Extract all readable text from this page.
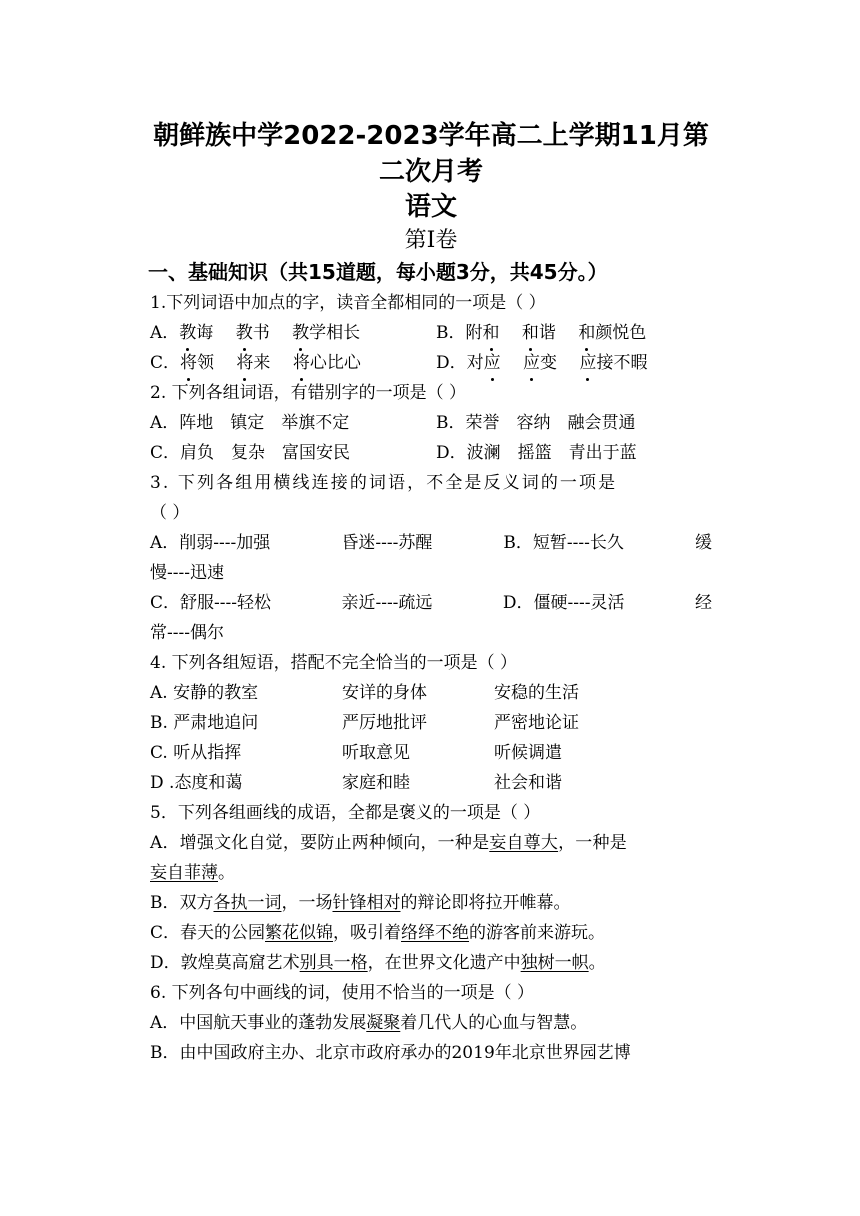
朝鲜族中学2022-2023学年高二上学期11月第
二次月考
语文
第Ⅰ卷
一、基础知识（共15道题，每小题3分，共45分。）
1.下列词语中加点的字，读音全都相同的一项是（ ）
A．教诲　 教书　 教学相长	B．附和　 和谐　 和颜悦色
C．将领　 将来　 将心比心	D．对应　 应变　 应接不暇
2. 下列各组词语，有错别字的一项是（ ）
A．阵地　镇定　举旗不定	B．荣誉　容纳　融会贯通
C．肩负　复杂　富国安民	D．波澜　摇篮　青出于蓝
3. 下列各组用横线连接的词语，不全是反义词的一项是
（ ）
A．削弱----加强	昏迷----苏醒	B．短暂----长久	缓
慢----迅速
C．舒服----轻松	亲近----疏远	D．僵硬----灵活	经
常----偶尔
4. 下列各组短语，搭配不完全恰当的一项是（ ）
A. 安静的教室	安详的身体	安稳的生活
B. 严肃地追问	严厉地批评	严密地论证
C. 听从指挥	听取意见	听候调遣
D .态度和蔼	家庭和睦	社会和谐
5．下列各组画线的成语，全都是褒义的一项是（ ）
A．增强文化自觉，要防止两种倾向，一种是妄自尊大，一种是
妄自菲薄。
B．双方各执一词，一场针锋相对的辩论即将拉开帷幕。
C．春天的公园繁花似锦，吸引着络绎不绝的游客前来游玩。
D．敦煌莫高窟艺术别具一格，在世界文化遗产中独树一帜。
6. 下列各句中画线的词，使用不恰当的一项是（ ）
A．中国航天事业的蓬勃发展凝聚着几代人的心血与智慧。
B．由中国政府主办、北京市政府承办的2019年北京世界园艺博
